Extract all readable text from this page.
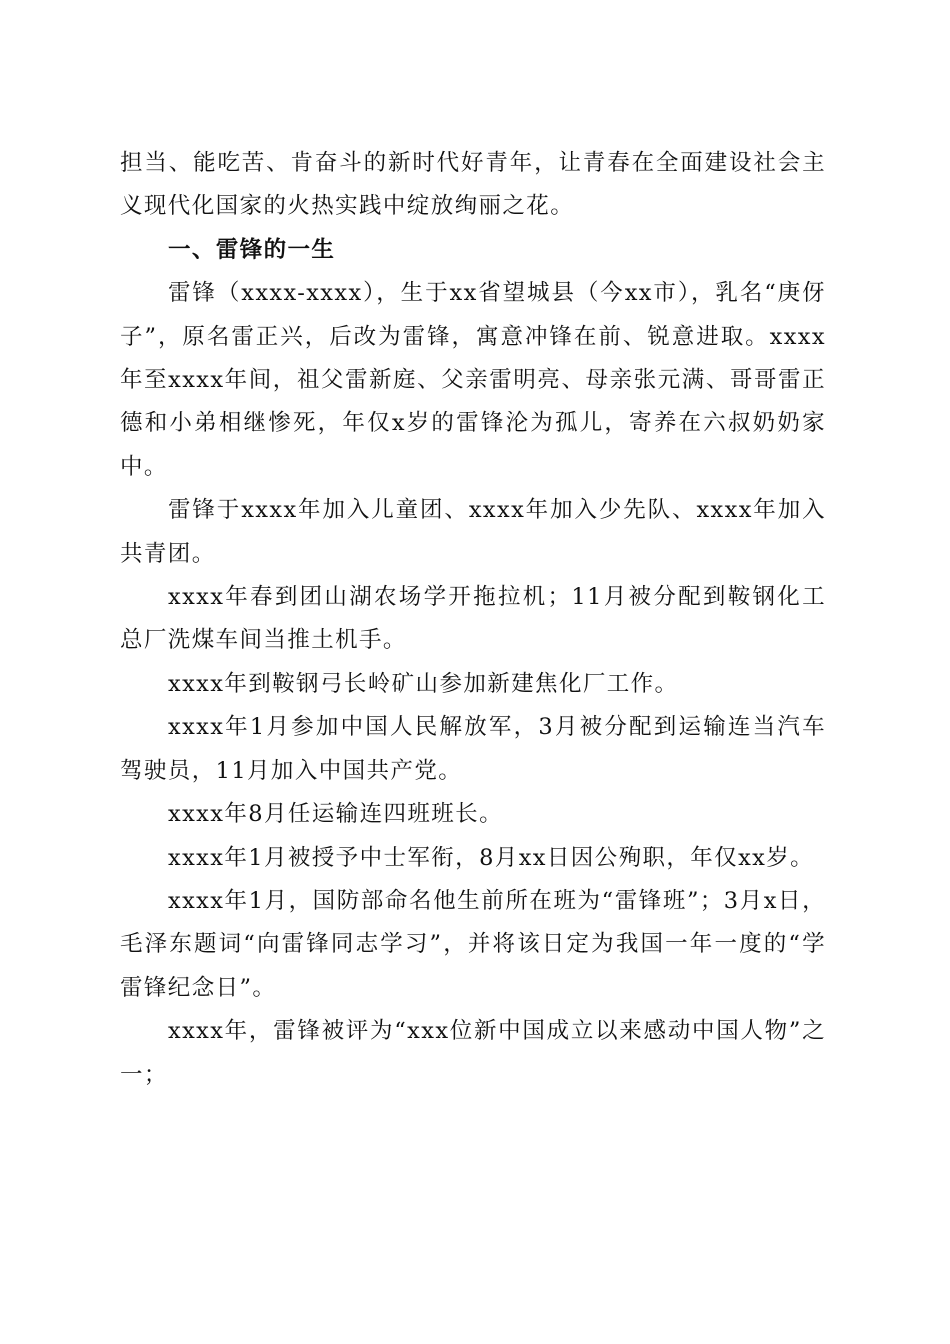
担当、能吃苦、肯奋斗的新时代好青年，让青春在全面建设社会主义现代化国家的火热实践中绽放绚丽之花。

一、雷锋的一生

雷锋（xxxx-xxxx），生于xx省望城县（今xx市），乳名“庚伢子”，原名雷正兴，后改为雷锋，寓意冲锋在前、锐意进取。xxxx年至xxxx年间，祖父雷新庭、父亲雷明亮、母亲张元满、哥哥雷正德和小弟相继惨死，年仅x岁的雷锋沦为孤儿，寄养在六叔奶奶家中。

雷锋于xxxx年加入儿童团、xxxx年加入少先队、xxxx年加入共青团。

xxxx年春到团山湖农场学开拖拉机；11月被分配到鞍钢化工总厂洗煤车间当推土机手。

xxxx年到鞍钢弓长岭矿山参加新建焦化厂工作。

xxxx年1月参加中国人民解放军，3月被分配到运输连当汽车驾驶员，11月加入中国共产党。

xxxx年8月任运输连四班班长。

xxxx年1月被授予中士军衔，8月xx日因公殉职，年仅xx岁。

xxxx年1月，国防部命名他生前所在班为“雷锋班”；3月x日，毛泽东题词“向雷锋同志学习”，并将该日定为我国一年一度的“学雷锋纪念日”。

xxxx年，雷锋被评为“xxx位新中国成立以来感动中国人物”之一；
